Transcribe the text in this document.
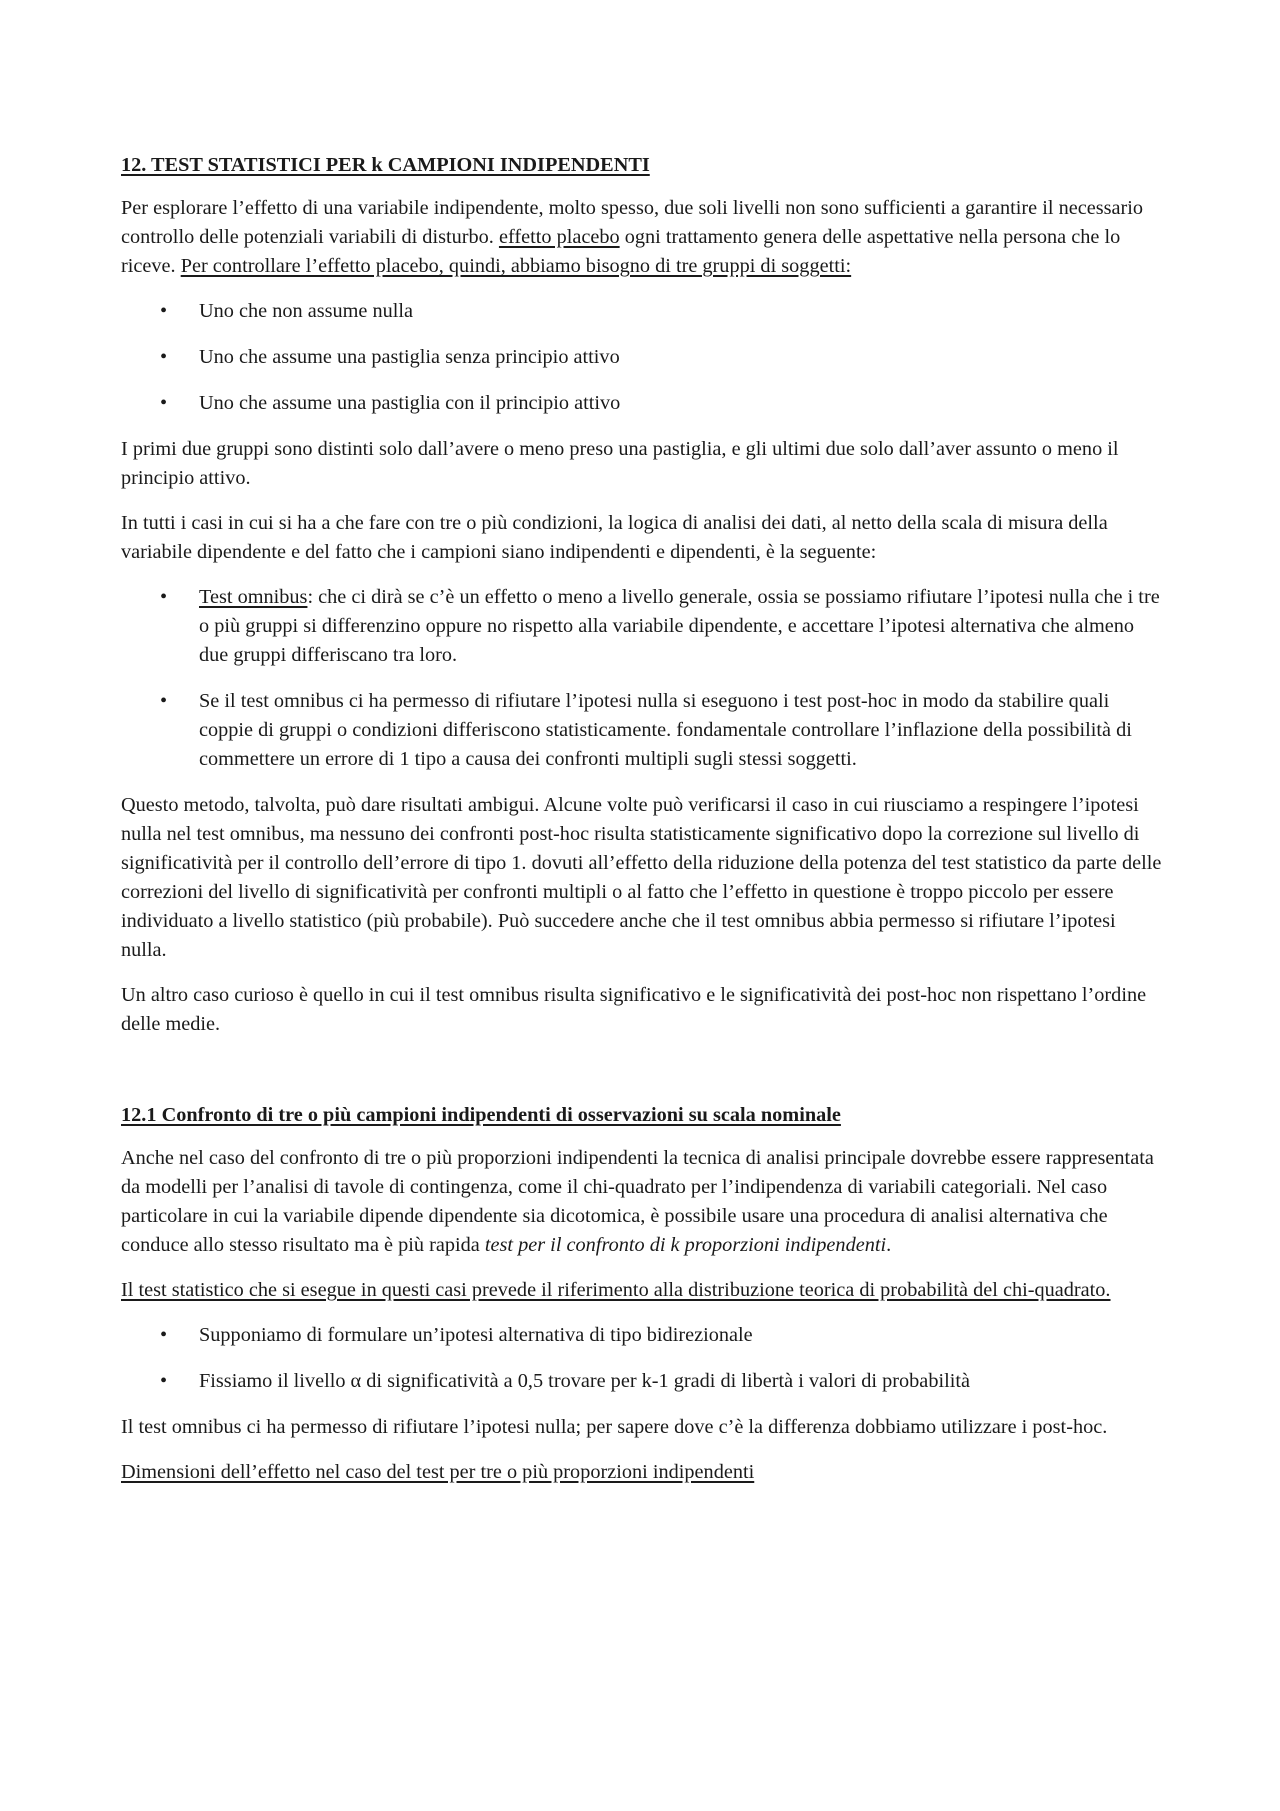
12. TEST STATISTICI PER k CAMPIONI INDIPENDENTI

Per esplorare l’effetto di una variabile indipendente, molto spesso, due soli livelli non sono sufficienti a garantire il necessario controllo delle potenziali variabili di disturbo. effetto placebo ogni trattamento genera delle aspettative nella persona che lo riceve. Per controllare l’effetto placebo, quindi, abbiamo bisogno di tre gruppi di soggetti:

• Uno che non assume nulla
• Uno che assume una pastiglia senza principio attivo
• Uno che assume una pastiglia con il principio attivo

I primi due gruppi sono distinti solo dall’avere o meno preso una pastiglia, e gli ultimi due solo dall’aver assunto o meno il principio attivo.

In tutti i casi in cui si ha a che fare con tre o più condizioni, la logica di analisi dei dati, al netto della scala di misura della variabile dipendente e del fatto che i campioni siano indipendenti e dipendenti, è la seguente:

• Test omnibus: che ci dirà se c’è un effetto o meno a livello generale, ossia se possiamo rifiutare l’ipotesi nulla che i tre o più gruppi si differenzino oppure no rispetto alla variabile dipendente, e accettare l’ipotesi alternativa che almeno due gruppi differiscano tra loro.
• Se il test omnibus ci ha permesso di rifiutare l’ipotesi nulla si eseguono i test post-hoc in modo da stabilire quali coppie di gruppi o condizioni differiscono statisticamente. fondamentale controllare l’inflazione della possibilità di commettere un errore di 1 tipo a causa dei confronti multipli sugli stessi soggetti.

Questo metodo, talvolta, può dare risultati ambigui. Alcune volte può verificarsi il caso in cui riusciamo a respingere l’ipotesi nulla nel test omnibus, ma nessuno dei confronti post-hoc risulta statisticamente significativo dopo la correzione sul livello di significatività per il controllo dell’errore di tipo 1. dovuti all’effetto della riduzione della potenza del test statistico da parte delle correzioni del livello di significatività per confronti multipli o al fatto che l’effetto in questione è troppo piccolo per essere individuato a livello statistico (più probabile). Può succedere anche che il test omnibus abbia permesso si rifiutare l’ipotesi nulla.

Un altro caso curioso è quello in cui il test omnibus risulta significativo e le significatività dei post-hoc non rispettano l’ordine delle medie.

12.1 Confronto di tre o più campioni indipendenti di osservazioni su scala nominale

Anche nel caso del confronto di tre o più proporzioni indipendenti la tecnica di analisi principale dovrebbe essere rappresentata da modelli per l’analisi di tavole di contingenza, come il chi-quadrato per l’indipendenza di variabili categoriali. Nel caso particolare in cui la variabile dipende dipendente sia dicotomica, è possibile usare una procedura di analisi alternativa che conduce allo stesso risultato ma è più rapida test per il confronto di k proporzioni indipendenti.

Il test statistico che si esegue in questi casi prevede il riferimento alla distribuzione teorica di probabilità del chi-quadrato.

• Supponiamo di formulare un’ipotesi alternativa di tipo bidirezionale
• Fissiamo il livello α di significatività a 0,5 trovare per k-1 gradi di libertà i valori di probabilità

Il test omnibus ci ha permesso di rifiutare l’ipotesi nulla; per sapere dove c’è la differenza dobbiamo utilizzare i post-hoc.

Dimensioni dell’effetto nel caso del test per tre o più proporzioni indipendenti
